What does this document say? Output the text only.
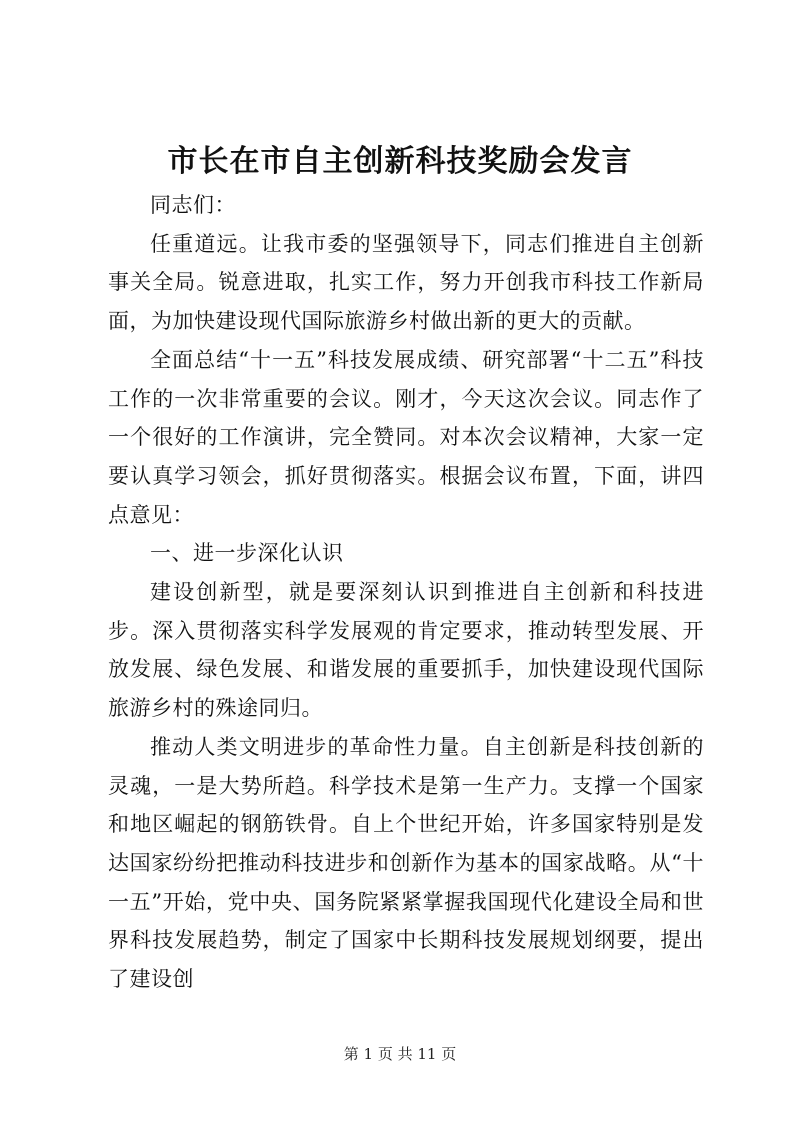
市长在市自主创新科技奖励会发言

同志们：

任重道远。让我市委的坚强领导下，同志们推进自主创新事关全局。锐意进取，扎实工作，努力开创我市科技工作新局面，为加快建设现代国际旅游乡村做出新的更大的贡献。

全面总结“十一五”科技发展成绩、研究部署“十二五”科技工作的一次非常重要的会议。刚才，今天这次会议。同志作了一个很好的工作演讲，完全赞同。对本次会议精神，大家一定要认真学习领会，抓好贯彻落实。根据会议布置，下面，讲四点意见：

一、进一步深化认识

建设创新型，就是要深刻认识到推进自主创新和科技进步。深入贯彻落实科学发展观的肯定要求，推动转型发展、开放发展、绿色发展、和谐发展的重要抓手，加快建设现代国际旅游乡村的殊途同归。

推动人类文明进步的革命性力量。自主创新是科技创新的灵魂，一是大势所趋。科学技术是第一生产力。支撑一个国家和地区崛起的钢筋铁骨。自上个世纪开始，许多国家特别是发达国家纷纷把推动科技进步和创新作为基本的国家战略。从“十一五”开始，党中央、国务院紧紧掌握我国现代化建设全局和世界科技发展趋势，制定了国家中长期科技发展规划纲要，提出了建设创

第 1 页 共 11 页
